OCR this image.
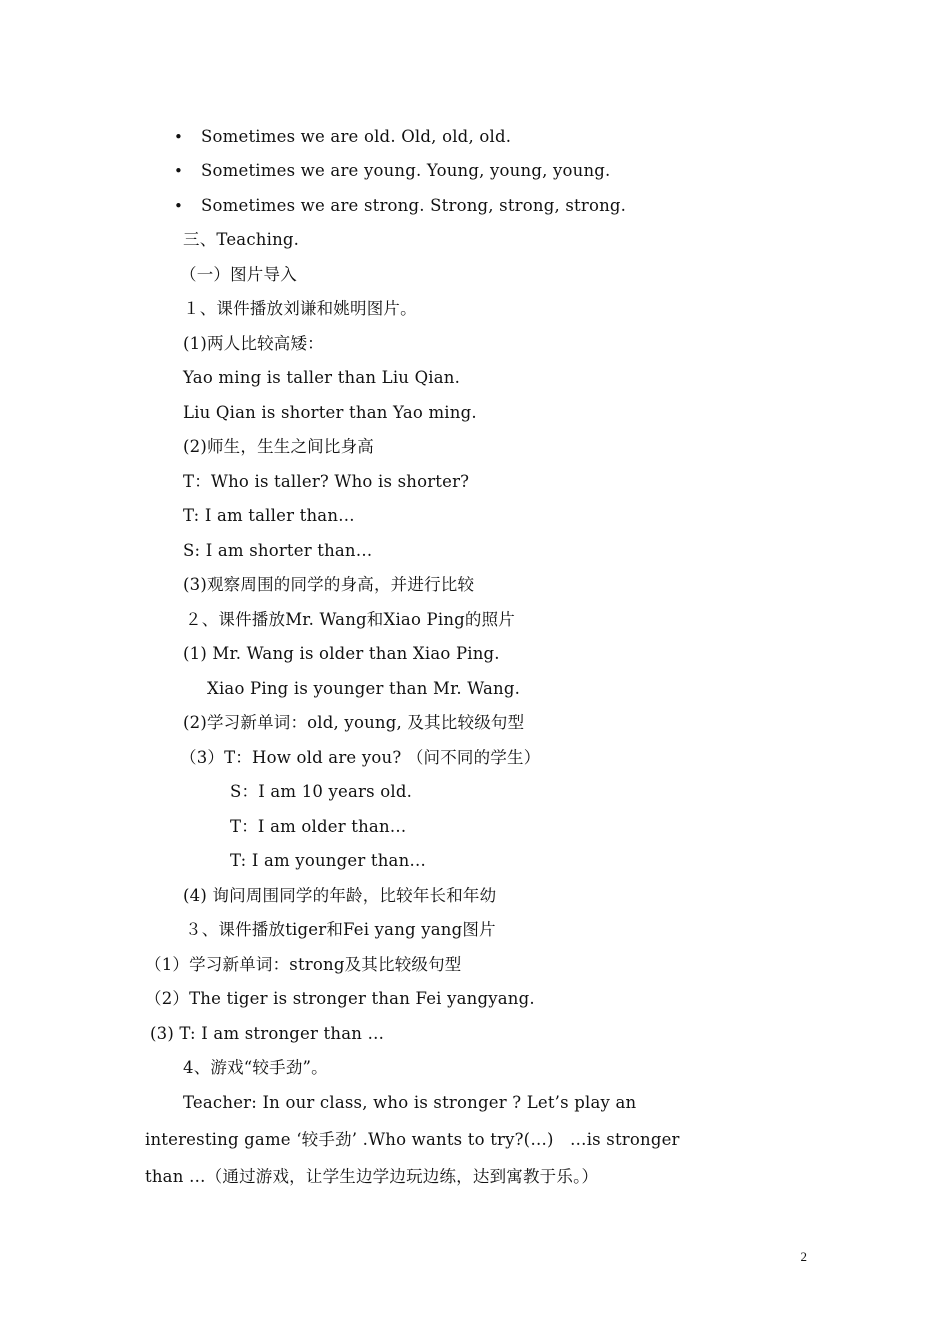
• Sometimes we are old. Old, old, old.
• Sometimes we are young. Young, young, young.
• Sometimes we are strong. Strong, strong, strong.
三、Teaching.
（一）图片导入
１、课件播放刘谦和姚明图片。
(1)两人比较高矮：
Yao ming is taller than Liu Qian.
Liu Qian is shorter than Yao ming.
(2)师生，生生之间比身高
T：Who is taller? Who is shorter?
T: I am taller than…
S: I am shorter than…
(3)观察周围的同学的身高，并进行比较
２、课件播放Mr. Wang和Xiao Ping的照片
(1) Mr. Wang is older than Xiao Ping.
Xiao Ping is younger than Mr. Wang.
(2)学习新单词：old, young, 及其比较级句型
（3）T：How old are you? （问不同的学生）
S：I am 10 years old.
T：I am older than…
T: I am younger than…
(4) 询问周围同学的年龄，比较年长和年幼
３、课件播放tiger和Fei yang yang图片
（1）学习新单词：strong及其比较级句型
（2）The tiger is stronger than Fei yangyang.
(3) T: I am stronger than …
4、游戏“较手劲”。
Teacher: In our class, who is stronger ? Let’s play an
interesting game ‘较手劲’ .Who wants to try?(…)   …is stronger
than …（通过游戏，让学生边学边玩边练，达到寓教于乐。）
2
